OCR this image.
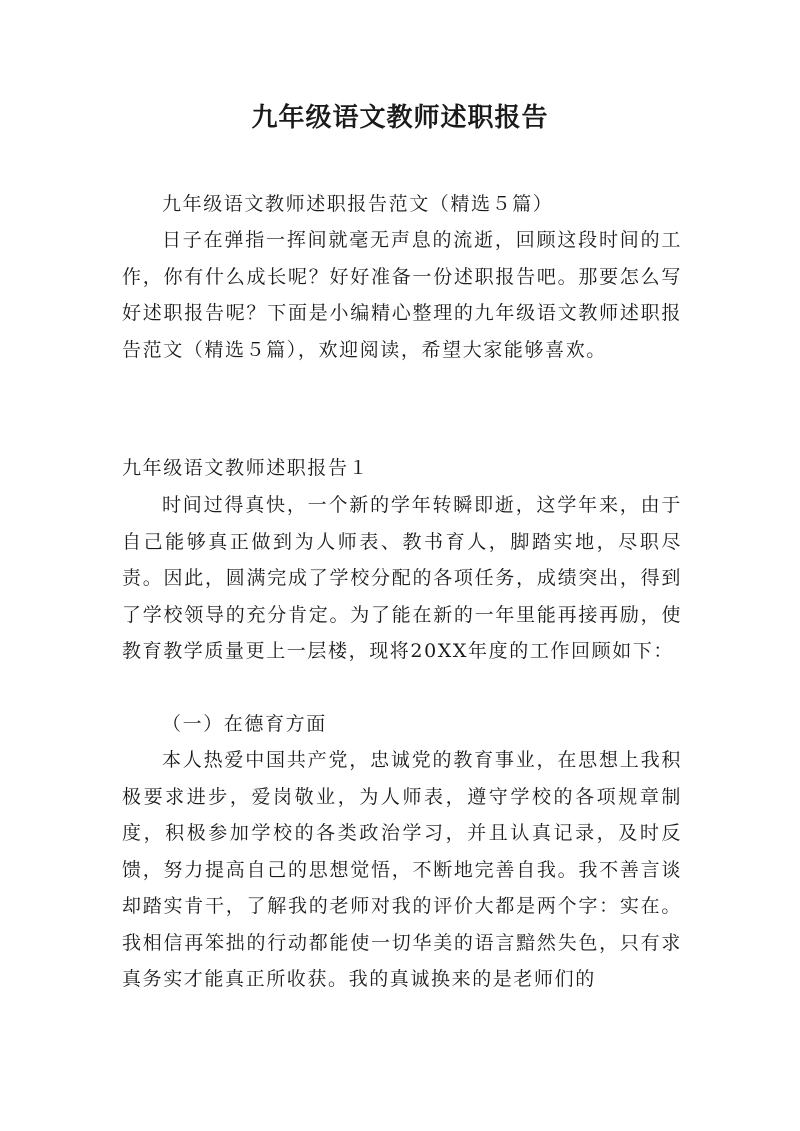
九年级语文教师述职报告

九年级语文教师述职报告范文（精选５篇）

日子在弹指一挥间就毫无声息的流逝，回顾这段时间的工作，你有什么成长呢？好好准备一份述职报告吧。那要怎么写好述职报告呢？下面是小编精心整理的九年级语文教师述职报告范文（精选５篇），欢迎阅读，希望大家能够喜欢。

九年级语文教师述职报告１

时间过得真快，一个新的学年转瞬即逝，这学年来，由于自己能够真正做到为人师表、教书育人，脚踏实地，尽职尽责。因此，圆满完成了学校分配的各项任务，成绩突出，得到了学校领导的充分肯定。为了能在新的一年里能再接再励，使教育教学质量更上一层楼，现将20XX年度的工作回顾如下：

（一）在德育方面

本人热爱中国共产党，忠诚党的教育事业，在思想上我积极要求进步，爱岗敬业，为人师表，遵守学校的各项规章制度，积极参加学校的各类政治学习，并且认真记录，及时反馈，努力提高自己的思想觉悟，不断地完善自我。我不善言谈却踏实肯干，了解我的老师对我的评价大都是两个字：实在。我相信再笨拙的行动都能使一切华美的语言黯然失色，只有求真务实才能真正所收获。我的真诚换来的是老师们的
